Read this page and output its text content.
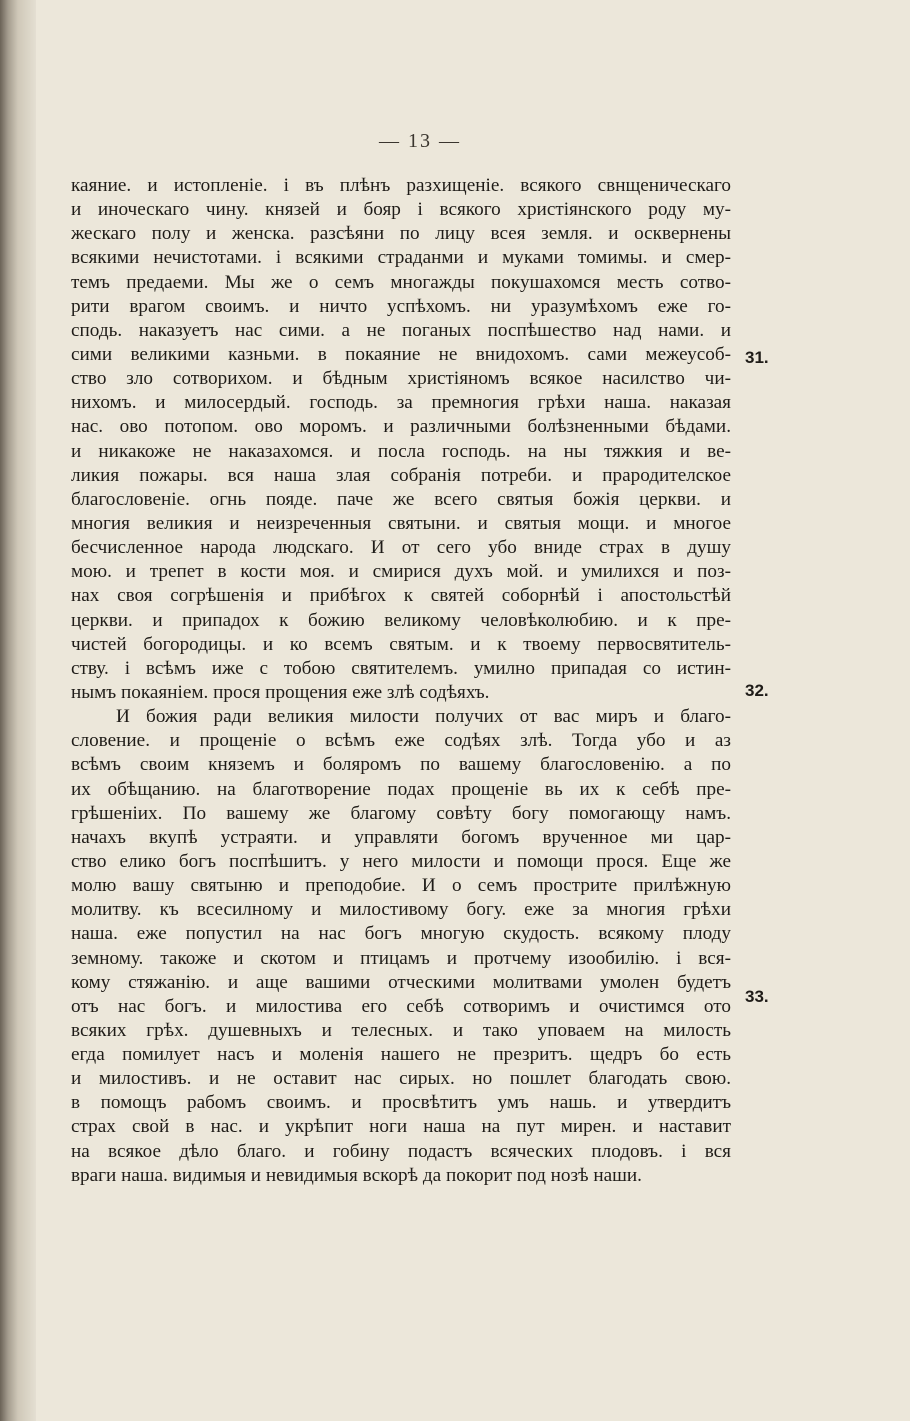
— 13 —
каяние. и истопленіе. і въ плѣнъ разхищеніе. всякого свнщеническаго
и иноческаго чину. князей и бояр і всякого христіянского роду му-
жескаго полу и женска. разсѣяни по лицу всея земля. и осквернены
всякими нечистотами. і всякими страданми и муками томимы. и смер-
темъ предаеми. Мы же о семъ многажды покушахомся месть сотво-
рити врагом своимъ. и ничто успѣхомъ. ни уразумѣхомъ еже го-
сподь. наказуетъ нас сими. а не поганых поспѣшество над нами. и
сими великими казньми. в покаяние не внидохомъ. сами межеусоб-
ство зло сотворихом. и бѣдным христіяномъ всякое насилство чи-
нихомъ. и милосердый. господь. за премногия грѣхи наша. наказая
нас. ово потопом. ово моромъ. и различными болѣзненными бѣдами.
и никакоже не наказахомся. и посла господь. на ны тяжкия и ве-
ликия пожары. вся наша злая собранія потреби. и прародителское
благословеніе. огнь поядe. паче же всего святыя божія церкви. и
многия великия и неизреченныя святыни. и святыя мощи. и многое
бесчисленное народа людскаго. И от сего убо вниде страх в душу
мою. и трепет в кости моя. и смирися духъ мой. и умилихся и поз-
нах своя согрѣшенія и прибѣгох к святей соборнѣй і апостольстѣй
церкви. и припадох к божию великому человѣколюбию. и к пре-
чистей богородицы. и ко всемъ святым. и к твоему первосвятитель-
ству. і всѣмъ иже с тобою святителемъ. умилно припадая со истин-
нымъ покаяніем. прося прощения еже злѣ содѣяхъ.
И божия ради великия милости получих от вас миръ и благо-
словение. и прощеніе о всѣмъ еже содѣях злѣ. Тогда убо и аз
всѣмъ своим княземъ и боляромъ по вашему благословенію. а по
их обѣщанию. на благотворение подах прощеніе вь их к себѣ пре-
грѣшеніих. По вашему же благому совѣту богу помогающу намъ.
начахъ вкупѣ устраяти. и управляти богомъ врученное ми цар-
ство елико богъ поспѣшитъ. у него милости и помощи прося. Еще же
молю вашу святыню и преподобие. И о семъ прострите прилѣжную
молитву. къ всесилному и милостивому богу. еже за многия грѣхи
наша. еже попустил на нас богъ многую скудость. всякому плоду
земному. такоже и скотом и птицамъ и протчему изообилію. і вся-
кому стяжанію. и аще вашими отческими молитвами умолен будетъ
отъ нас богъ. и милостива его себѣ сотворимъ и очистимся ото
всяких грѣх. душевныхъ и телесных. и тако уповаем на милость
егда помилует насъ и моленія нашего не презритъ. щедръ бо есть
и милостивъ. и не оставит нас сирых. но пошлет благодать свою.
в помощъ рабомъ своимъ. и просвѣтитъ умъ нашь. и утвердитъ
страх свой в нас. и укрѣпит ноги наша на пут мирен. и наставит
на всякое дѣло благо. и гобину подастъ всяческих плодовъ. і вся
враги наша. видимыя и невидимыя вскорѣ да покорит под нозѣ наши.
31.
32.
33.
